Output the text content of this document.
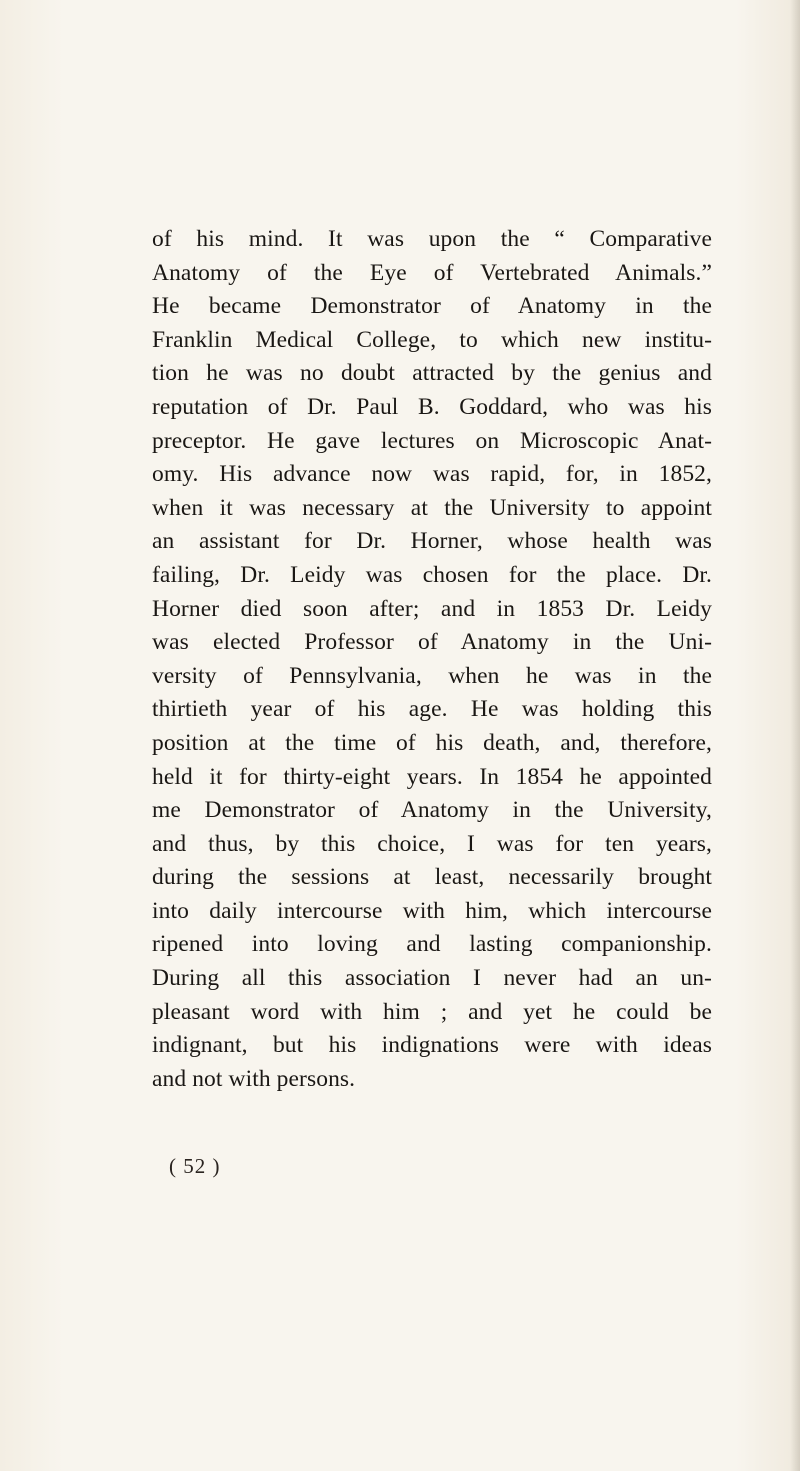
of his mind. It was upon the “ Comparative
Anatomy of the Eye of Vertebrated Animals.”
He became Demonstrator of Anatomy in the
Franklin Medical College, to which new institu-
tion he was no doubt attracted by the genius and
reputation of Dr. Paul B. Goddard, who was his
preceptor. He gave lectures on Microscopic Anat-
omy. His advance now was rapid, for, in 1852,
when it was necessary at the University to appoint
an assistant for Dr. Horner, whose health was
failing, Dr. Leidy was chosen for the place. Dr.
Horner died soon after; and in 1853 Dr. Leidy
was elected Professor of Anatomy in the Uni-
versity of Pennsylvania, when he was in the
thirtieth year of his age. He was holding this
position at the time of his death, and, therefore,
held it for thirty-eight years. In 1854 he appointed
me Demonstrator of Anatomy in the University,
and thus, by this choice, I was for ten years,
during the sessions at least, necessarily brought
into daily intercourse with him, which intercourse
ripened into loving and lasting companionship.
During all this association I never had an un-
pleasant word with him ; and yet he could be
indignant, but his indignations were with ideas
and not with persons.
( 52 )
